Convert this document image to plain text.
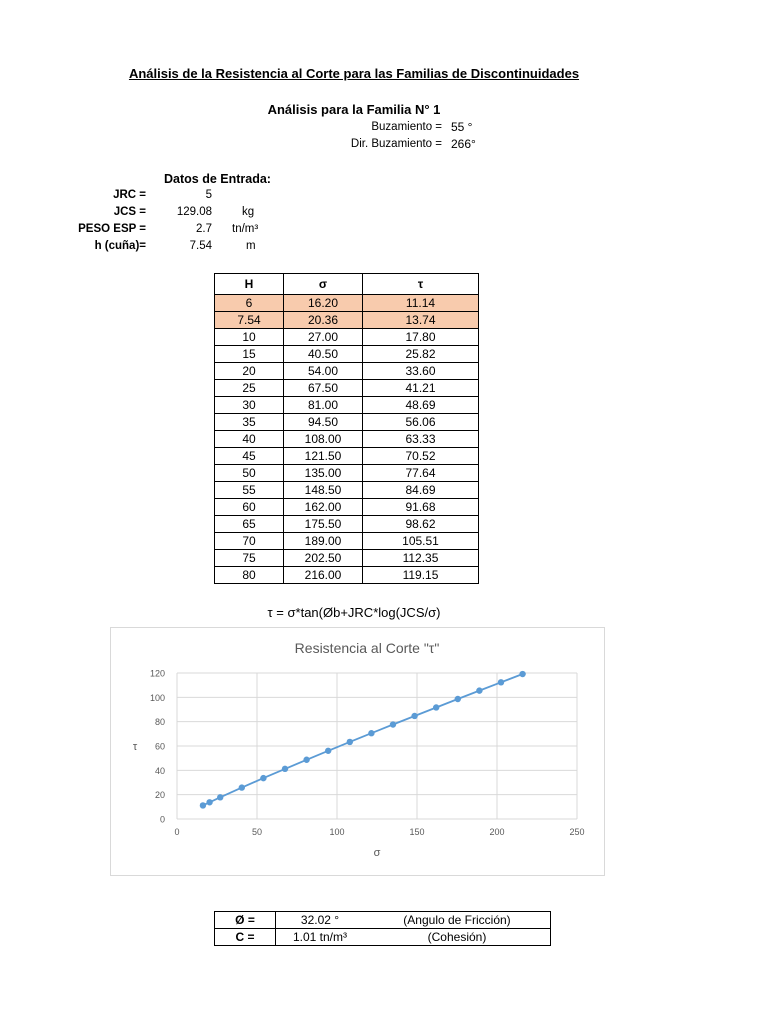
Análisis de la Resistencia al Corte para las Familias de Discontinuidades
Análisis para la Familia N° 1
Buzamiento = 55 °
Dir. Buzamiento = 266°
Datos de Entrada:
JRC =	5
JCS =	129.08	kg
PESO ESP =	2.7 tn/m³
h (cuña)=	7.54	m
H	σ	τ
6	16.20	11.14
7.54	20.36	13.74
10	27.00	17.80
15	40.50	25.82
20	54.00	33.60
25	67.50	41.21
30	81.00	48.69
35	94.50	56.06
40	108.00	63.33
45	121.50	70.52
50	135.00	77.64
55	148.50	84.69
60	162.00	91.68
65	175.50	98.62
70	189.00	105.51
75	202.50	112.35
80	216.00	119.15
τ = σ*tan(Øb+JRC*log(JCS/σ)
Resistencia al Corte "τ"
0
20
40
60
80
100
120
0	50	100	150	200	250
σ
τ
Ø =	32.02 °	(Angulo de Fricción)
C =	1.01 tn/m³	(Cohesión)
